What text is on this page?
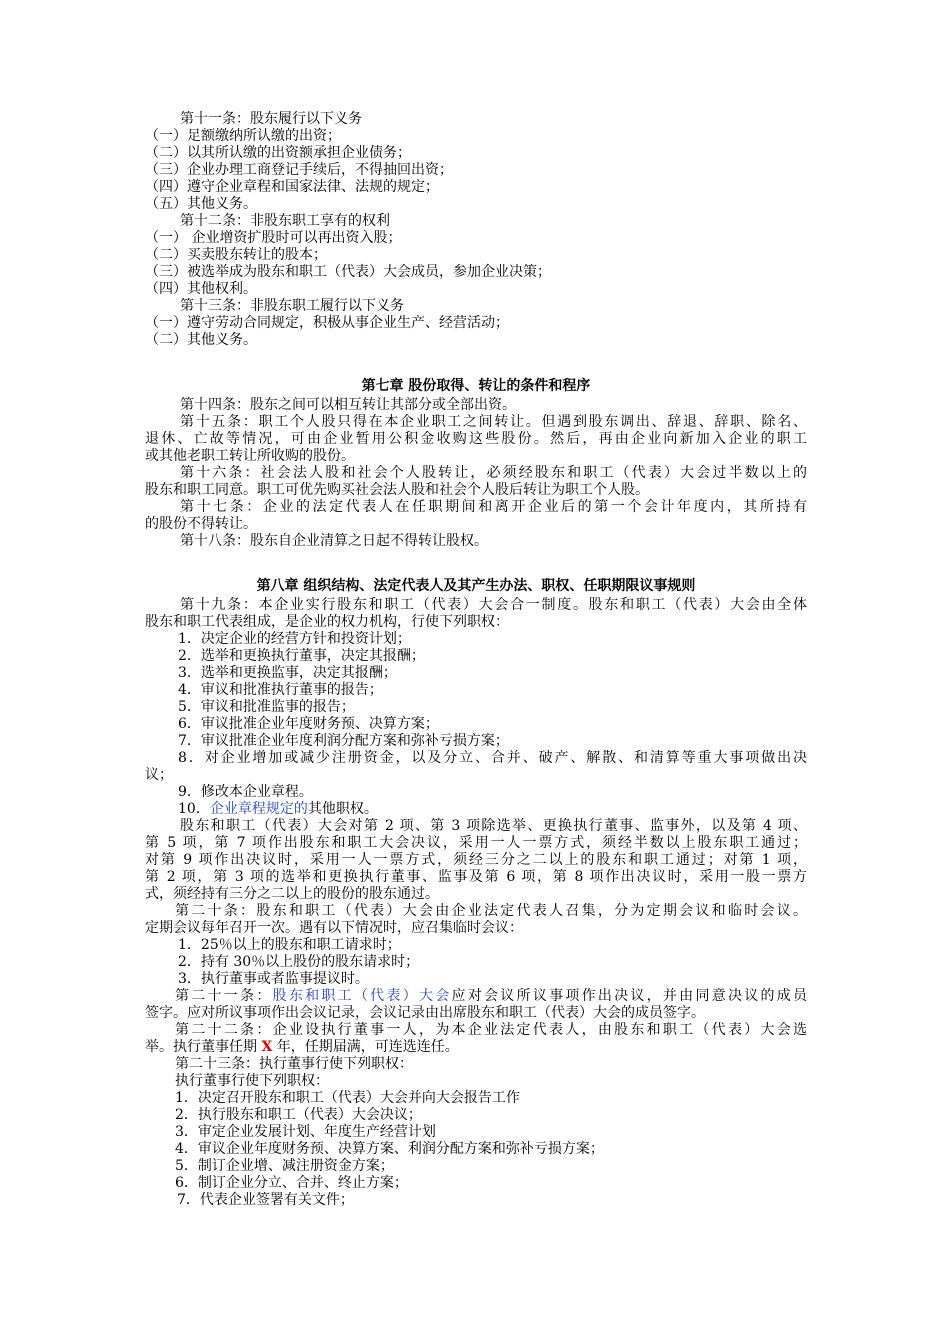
第十一条：股东履行以下义务
（一）足额缴纳所认缴的出资；
（二）以其所认缴的出资额承担企业债务；
（三）企业办理工商登记手续后，不得抽回出资；
（四）遵守企业章程和国家法律、法规的规定；
（五）其他义务。
第十二条：非股东职工享有的权利
（一） 企业增资扩股时可以再出资入股；
（二）买卖股东转让的股本；
（三）被选举成为股东和职工（代表）大会成员，参加企业决策；
（四）其他权利。
第十三条：非股东职工履行以下义务
（一）遵守劳动合同规定，积极从事企业生产、经营活动；
（二）其他义务。
第七章 股份取得、转让的条件和程序
第十四条：股东之间可以相互转让其部分或全部出资。
第十五条：职工个人股只得在本企业职工之间转让。但遇到股东调出、辞退、辞职、除名、
退休、亡故等情况，可由企业暂用公积金收购这些股份。然后，再由企业向新加入企业的职工
或其他老职工转让所收购的股份。
第十六条：社会法人股和社会个人股转让，必须经股东和职工（代表）大会过半数以上的
股东和职工同意。职工可优先购买社会法人股和社会个人股后转让为职工个人股。
第十七条：企业的法定代表人在任职期间和离开企业后的第一个会计年度内，其所持有
的股份不得转让。
第十八条：股东自企业清算之日起不得转让股权。
第八章 组织结构、法定代表人及其产生办法、职权、任职期限议事规则
第十九条：本企业实行股东和职工（代表）大会合一制度。股东和职工（代表）大会由全体
股东和职工代表组成，是企业的权力机构，行使下列职权：
1．决定企业的经营方针和投资计划；
2．选举和更换执行董事，决定其报酬；
3．选举和更换监事，决定其报酬；
4．审议和批准执行董事的报告；
5．审议和批准监事的报告；
6．审议批准企业年度财务预、决算方案；
7．审议批准企业年度利润分配方案和弥补亏损方案；
8．对企业增加或减少注册资金，以及分立、合并、破产、解散、和清算等重大事项做出决
议；
9．修改本企业章程。
10．企业章程规定的其他职权。
股东和职工（代表）大会对第 2 项、第 3 项除选举、更换执行董事、监事外，以及第 4 项、
第 5 项，第 7 项作出股东和职工大会决议，采用一人一票方式，须经半数以上股东职工通过；
对第 9 项作出决议时，采用一人一票方式，须经三分之二以上的股东和职工通过；对第 1 项，
第 2 项，第 3 项的选举和更换执行董事、监事及第 6 项，第 8 项作出决议时，采用一股一票方
式，须经持有三分之二以上的股份的股东通过。
第二十条：股东和职工（代表）大会由企业法定代表人召集，分为定期会议和临时会议。
定期会议每年召开一次。遇有以下情况时，应召集临时会议：
1．25％以上的股东和职工请求时；
2．持有 30％以上股份的股东请求时；
3．执行董事或者监事提议时。
第二十一条：股东和职工（代表）大会应对会议所议事项作出决议，并由同意决议的成员
签字。应对所议事项作出会议记录，会议记录由出席股东和职工（代表）大会的成员签字。
第二十二条：企业设执行董事一人，为本企业法定代表人，由股东和职工（代表）大会选
举。执行董事任期 X 年，任期届满，可连选连任。
第二十三条：执行董事行使下列职权：
执行董事行使下列职权：
1．决定召开股东和职工（代表）大会并向大会报告工作
2．执行股东和职工（代表）大会决议；
3．审定企业发展计划、年度生产经营计划
4．审议企业年度财务预、决算方案、利润分配方案和弥补亏损方案；
5．制订企业增、减注册资金方案；
6．制订企业分立、合并、终止方案；
7．代表企业签署有关文件；
